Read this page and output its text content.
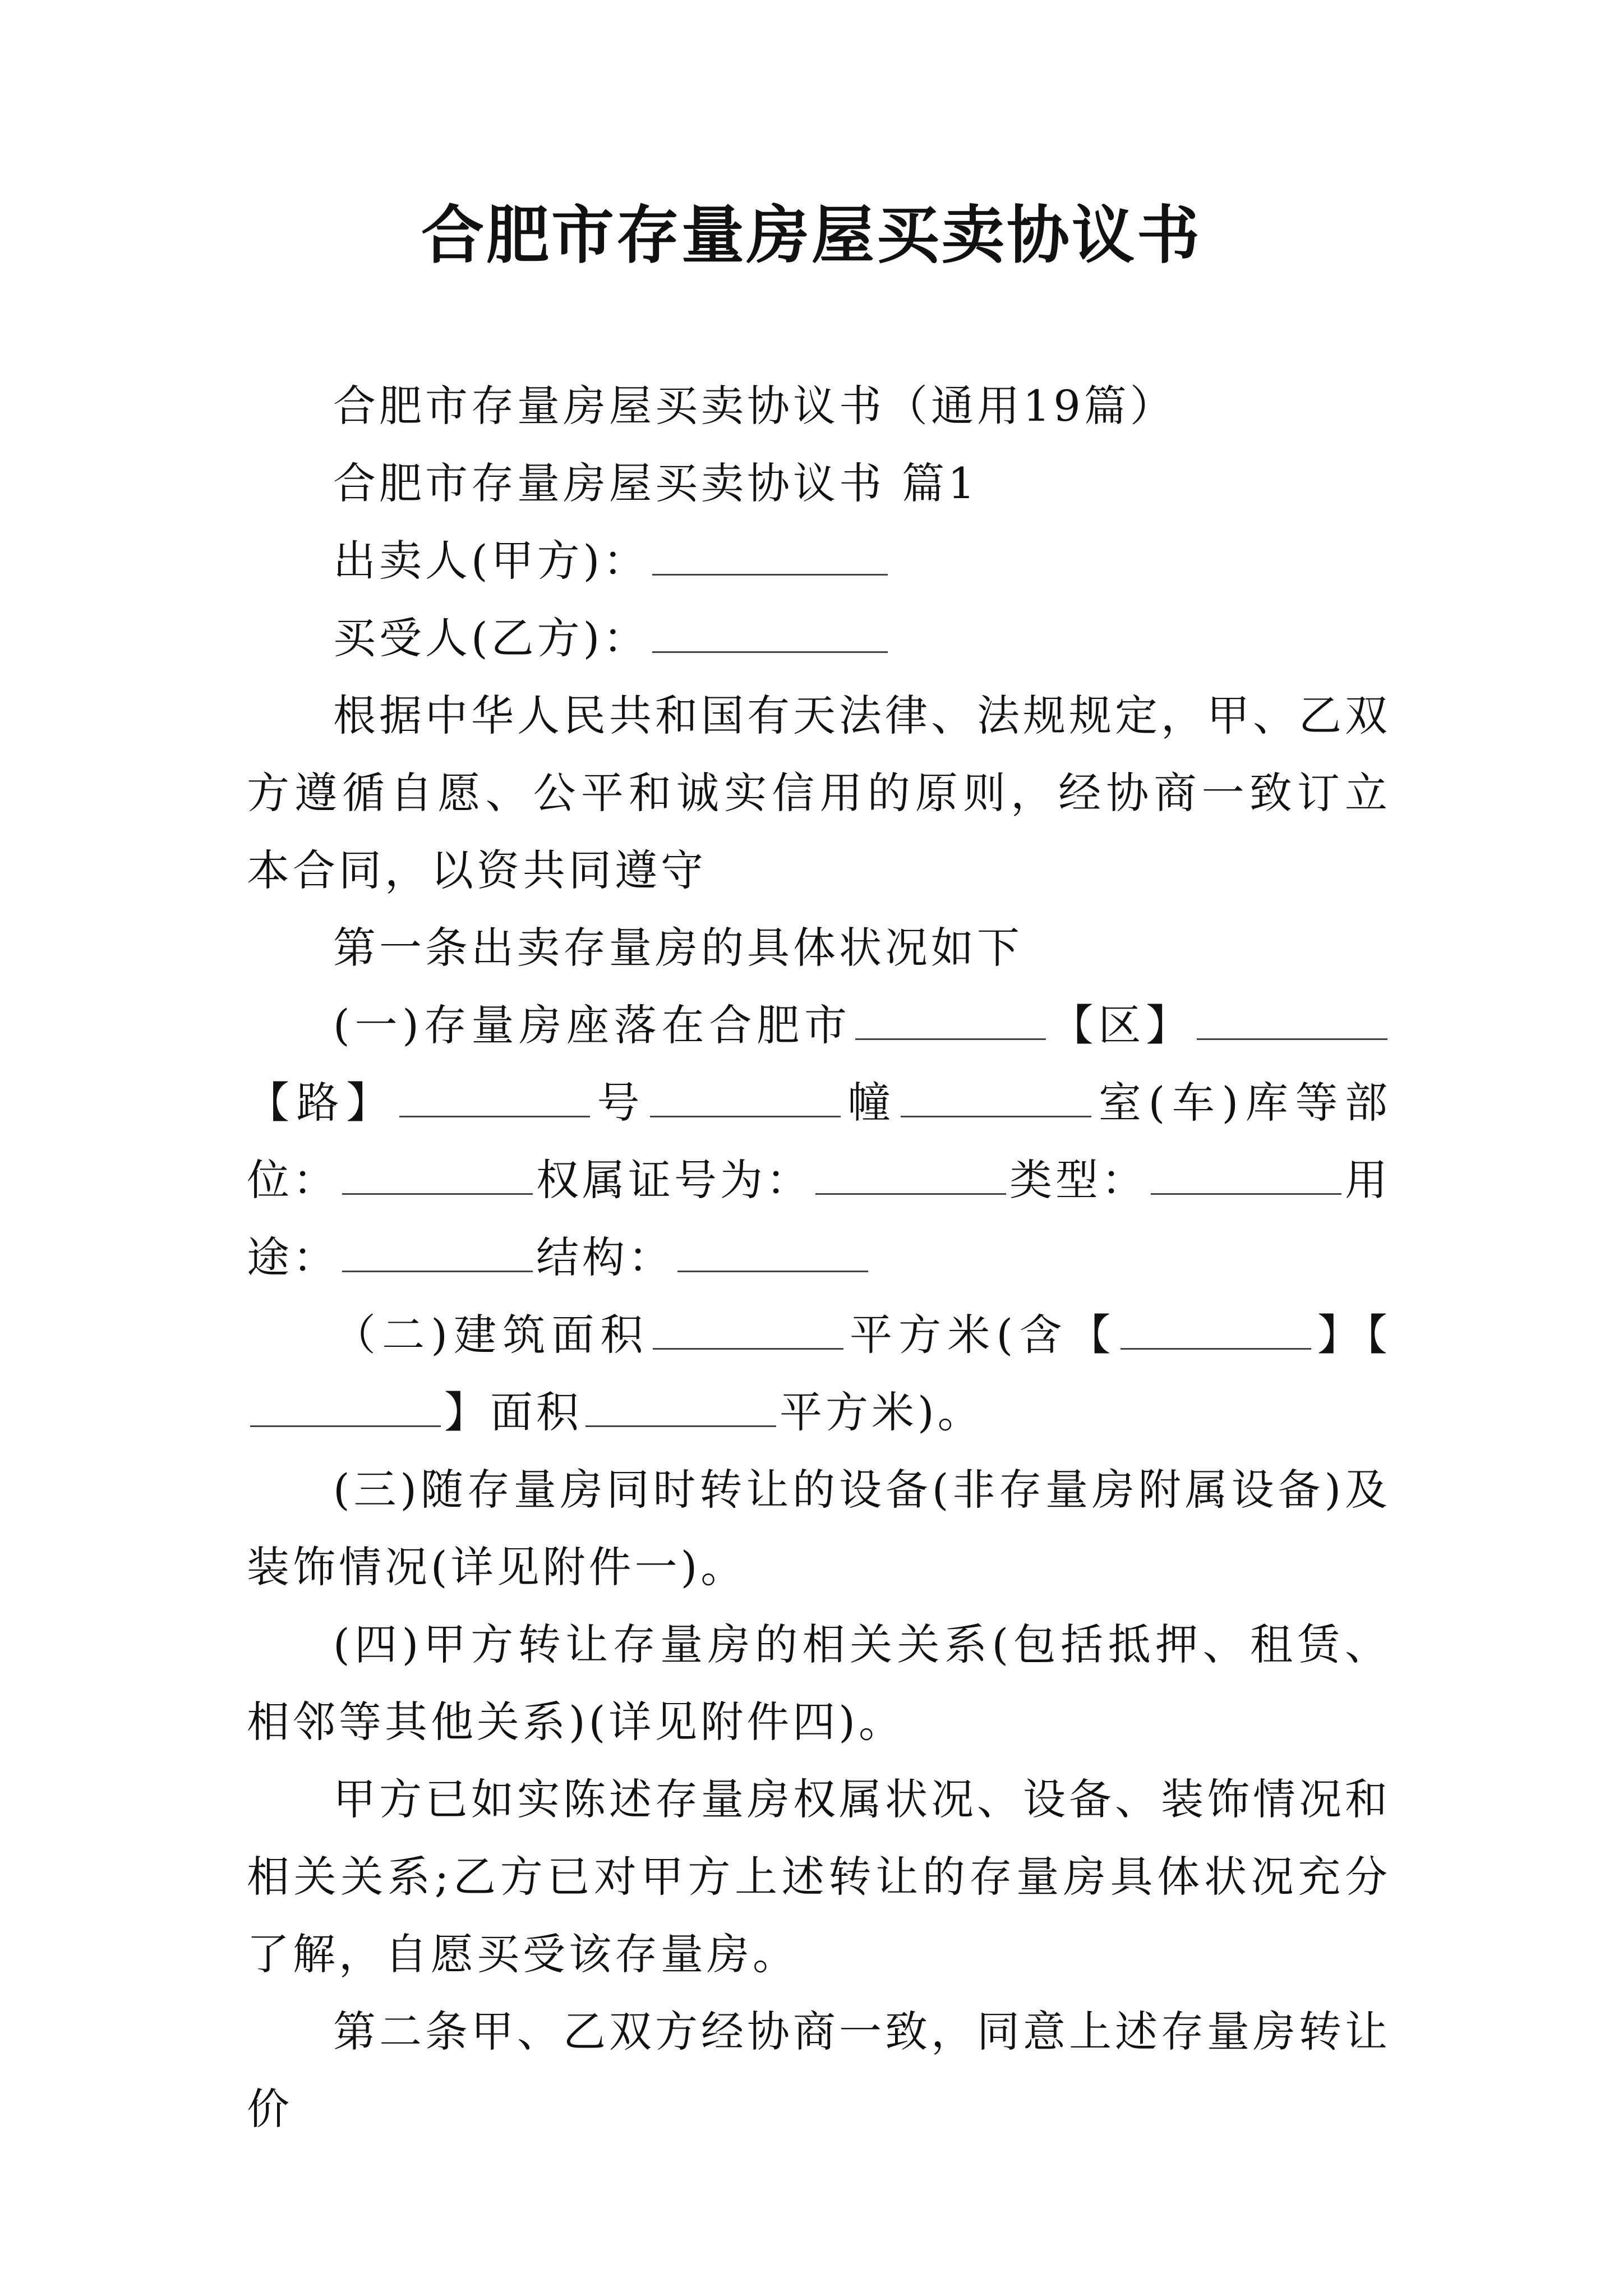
合肥市存量房屋买卖协议书

合肥市存量房屋买卖协议书（通用19篇）

合肥市存量房屋买卖协议书 篇1

出卖人(甲方)：

买受人(乙方)：

根据中华人民共和国有天法律、法规规定，甲、乙双方遵循自愿、公平和诚实信用的原则，经协商一致订立本合同，以资共同遵守

第一条出卖存量房的具体状况如下

(一)存量房座落在合肥市	【区】【路】	号	幢	室(车)库等部位：	权属证号为：	类型：	用途：	结构：

（二)建筑面积	平方米(含【	】【】面积	平方米)。

(三)随存量房同时转让的设备(非存量房附属设备)及装饰情况(详见附件一)。

(四)甲方转让存量房的相关关系(包括抵押、租赁、相邻等其他关系)(详见附件四)。

甲方已如实陈述存量房权属状况、设备、装饰情况和相关关系;乙方已对甲方上述转让的存量房具体状况充分了解，自愿买受该存量房。

第二条甲、乙双方经协商一致，同意上述存量房转让价
